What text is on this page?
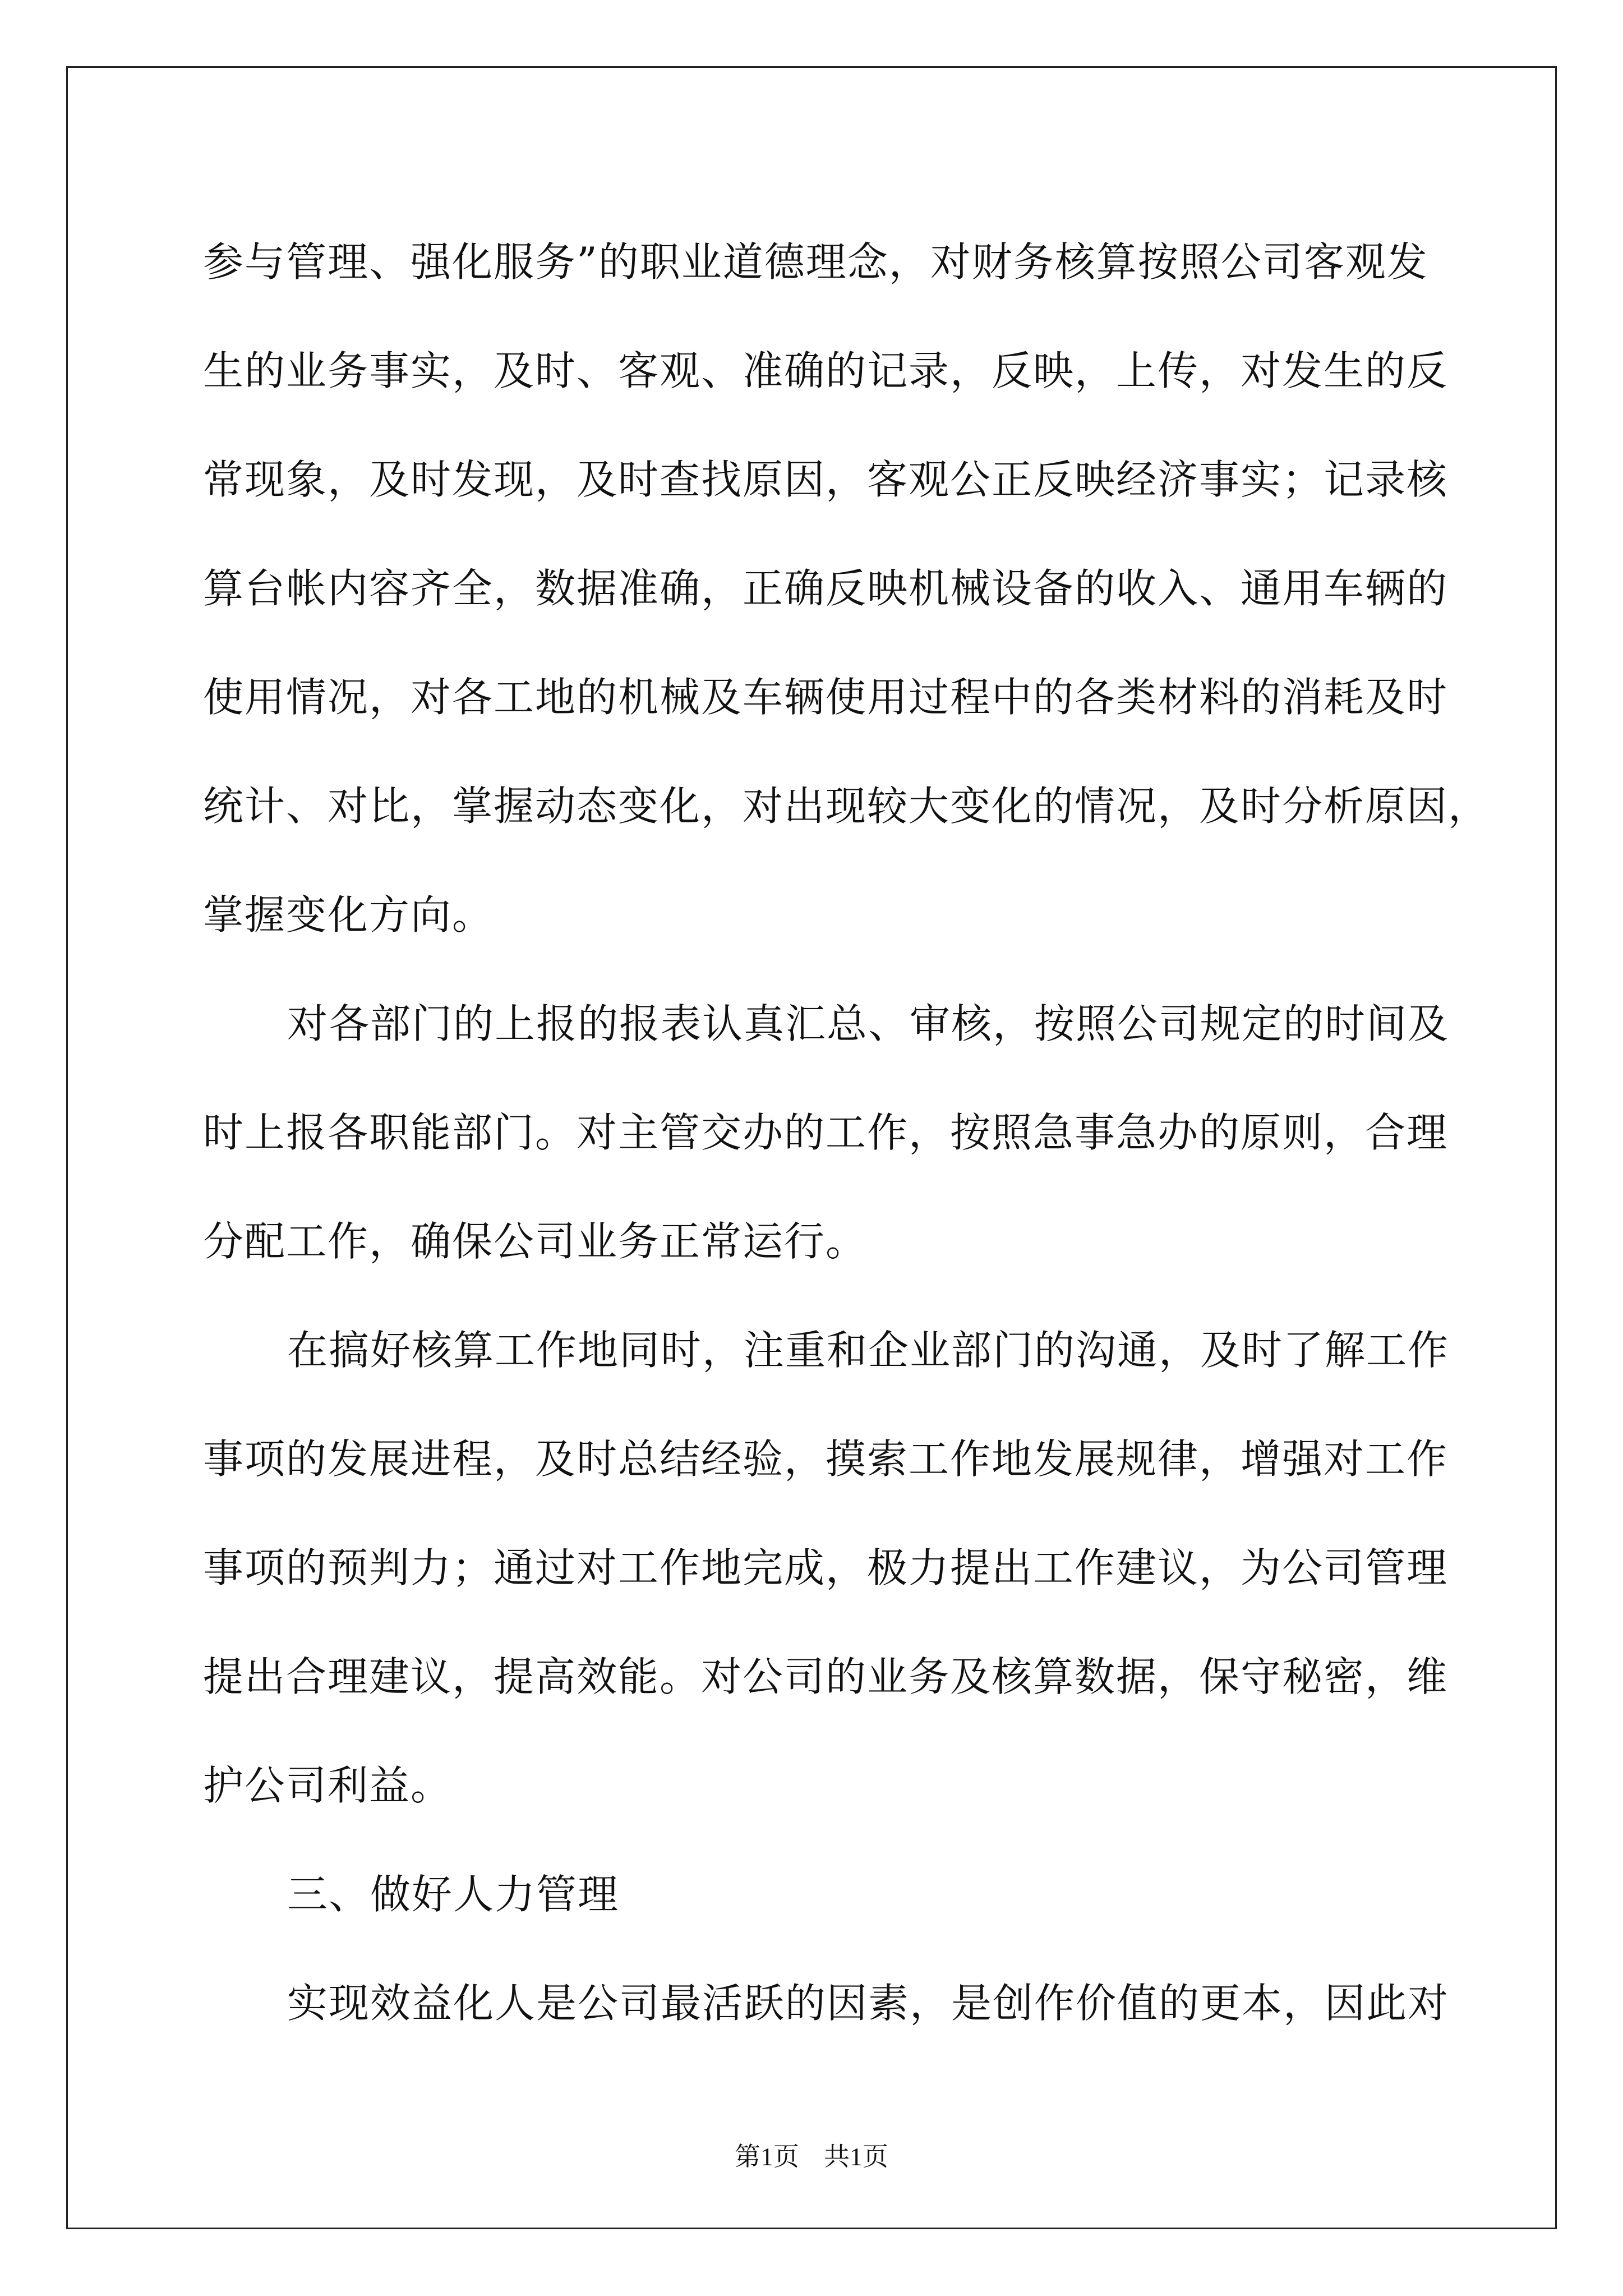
参与管理、强化服务”的职业道德理念，对财务核算按照公司客观发
生的业务事实，及时、客观、准确的记录，反映，上传，对发生的反
常现象，及时发现，及时查找原因，客观公正反映经济事实；记录核
算台帐内容齐全，数据准确，正确反映机械设备的收入、通用车辆的
使用情况，对各工地的机械及车辆使用过程中的各类材料的消耗及时
统计、对比，掌握动态变化，对出现较大变化的情况，及时分析原因，
掌握变化方向。
对各部门的上报的报表认真汇总、审核，按照公司规定的时间及
时上报各职能部门。对主管交办的工作，按照急事急办的原则，合理
分配工作，确保公司业务正常运行。
在搞好核算工作地同时，注重和企业部门的沟通，及时了解工作
事项的发展进程，及时总结经验，摸索工作地发展规律，增强对工作
事项的预判力；通过对工作地完成，极力提出工作建议，为公司管理
提出合理建议，提高效能。对公司的业务及核算数据，保守秘密，维
护公司利益。
三、做好人力管理
实现效益化人是公司最活跃的因素，是创作价值的更本，因此对
第1页 共1页
